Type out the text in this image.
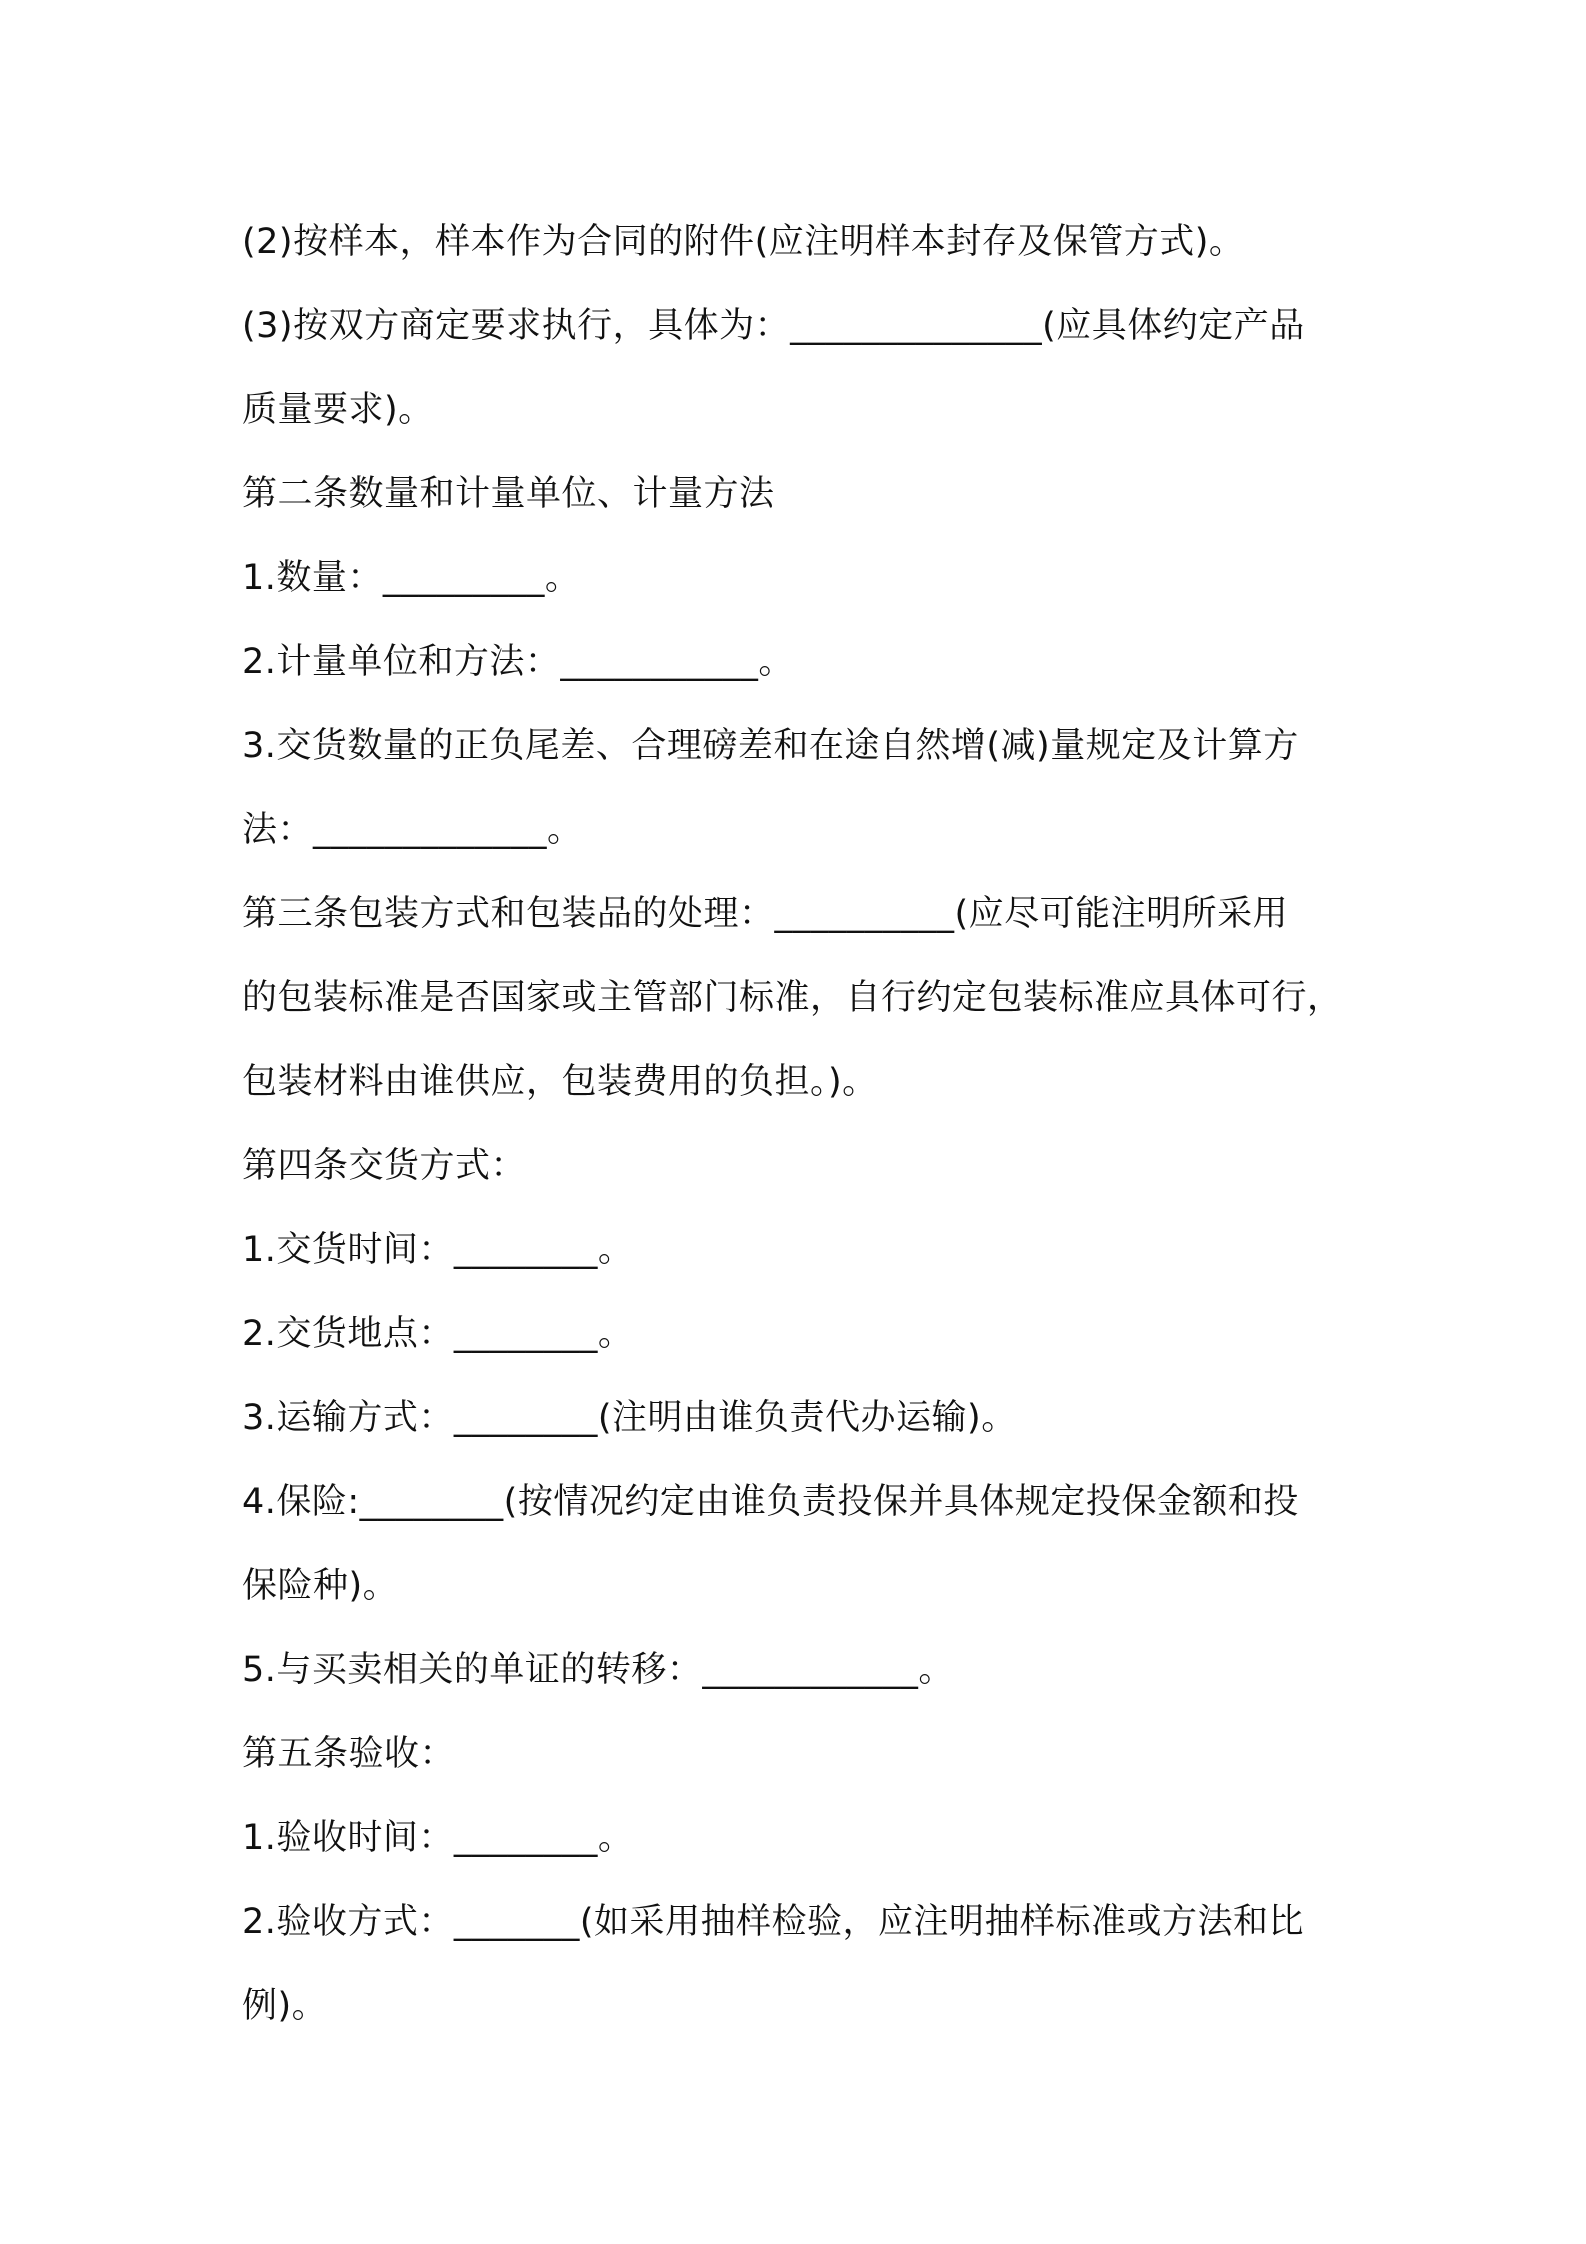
(2)按样本，样本作为合同的附件(应注明样本封存及保管方式)。
(3)按双方商定要求执行，具体为：______________(应具体约定产品
质量要求)。
第二条数量和计量单位、计量方法
1.数量：_________。
2.计量单位和方法：___________。
3.交货数量的正负尾差、合理磅差和在途自然增(减)量规定及计算方
法：_____________。
第三条包装方式和包装品的处理：__________(应尽可能注明所采用
的包装标准是否国家或主管部门标准，自行约定包装标准应具体可行，
包装材料由谁供应，包装费用的负担。)。
第四条交货方式：
1.交货时间：________。
2.交货地点：________。
3.运输方式：________(注明由谁负责代办运输)。
4.保险:________(按情况约定由谁负责投保并具体规定投保金额和投
保险种)。
5.与买卖相关的单证的转移：____________。
第五条验收：
1.验收时间：________。
2.验收方式：_______(如采用抽样检验，应注明抽样标准或方法和比
例)。
